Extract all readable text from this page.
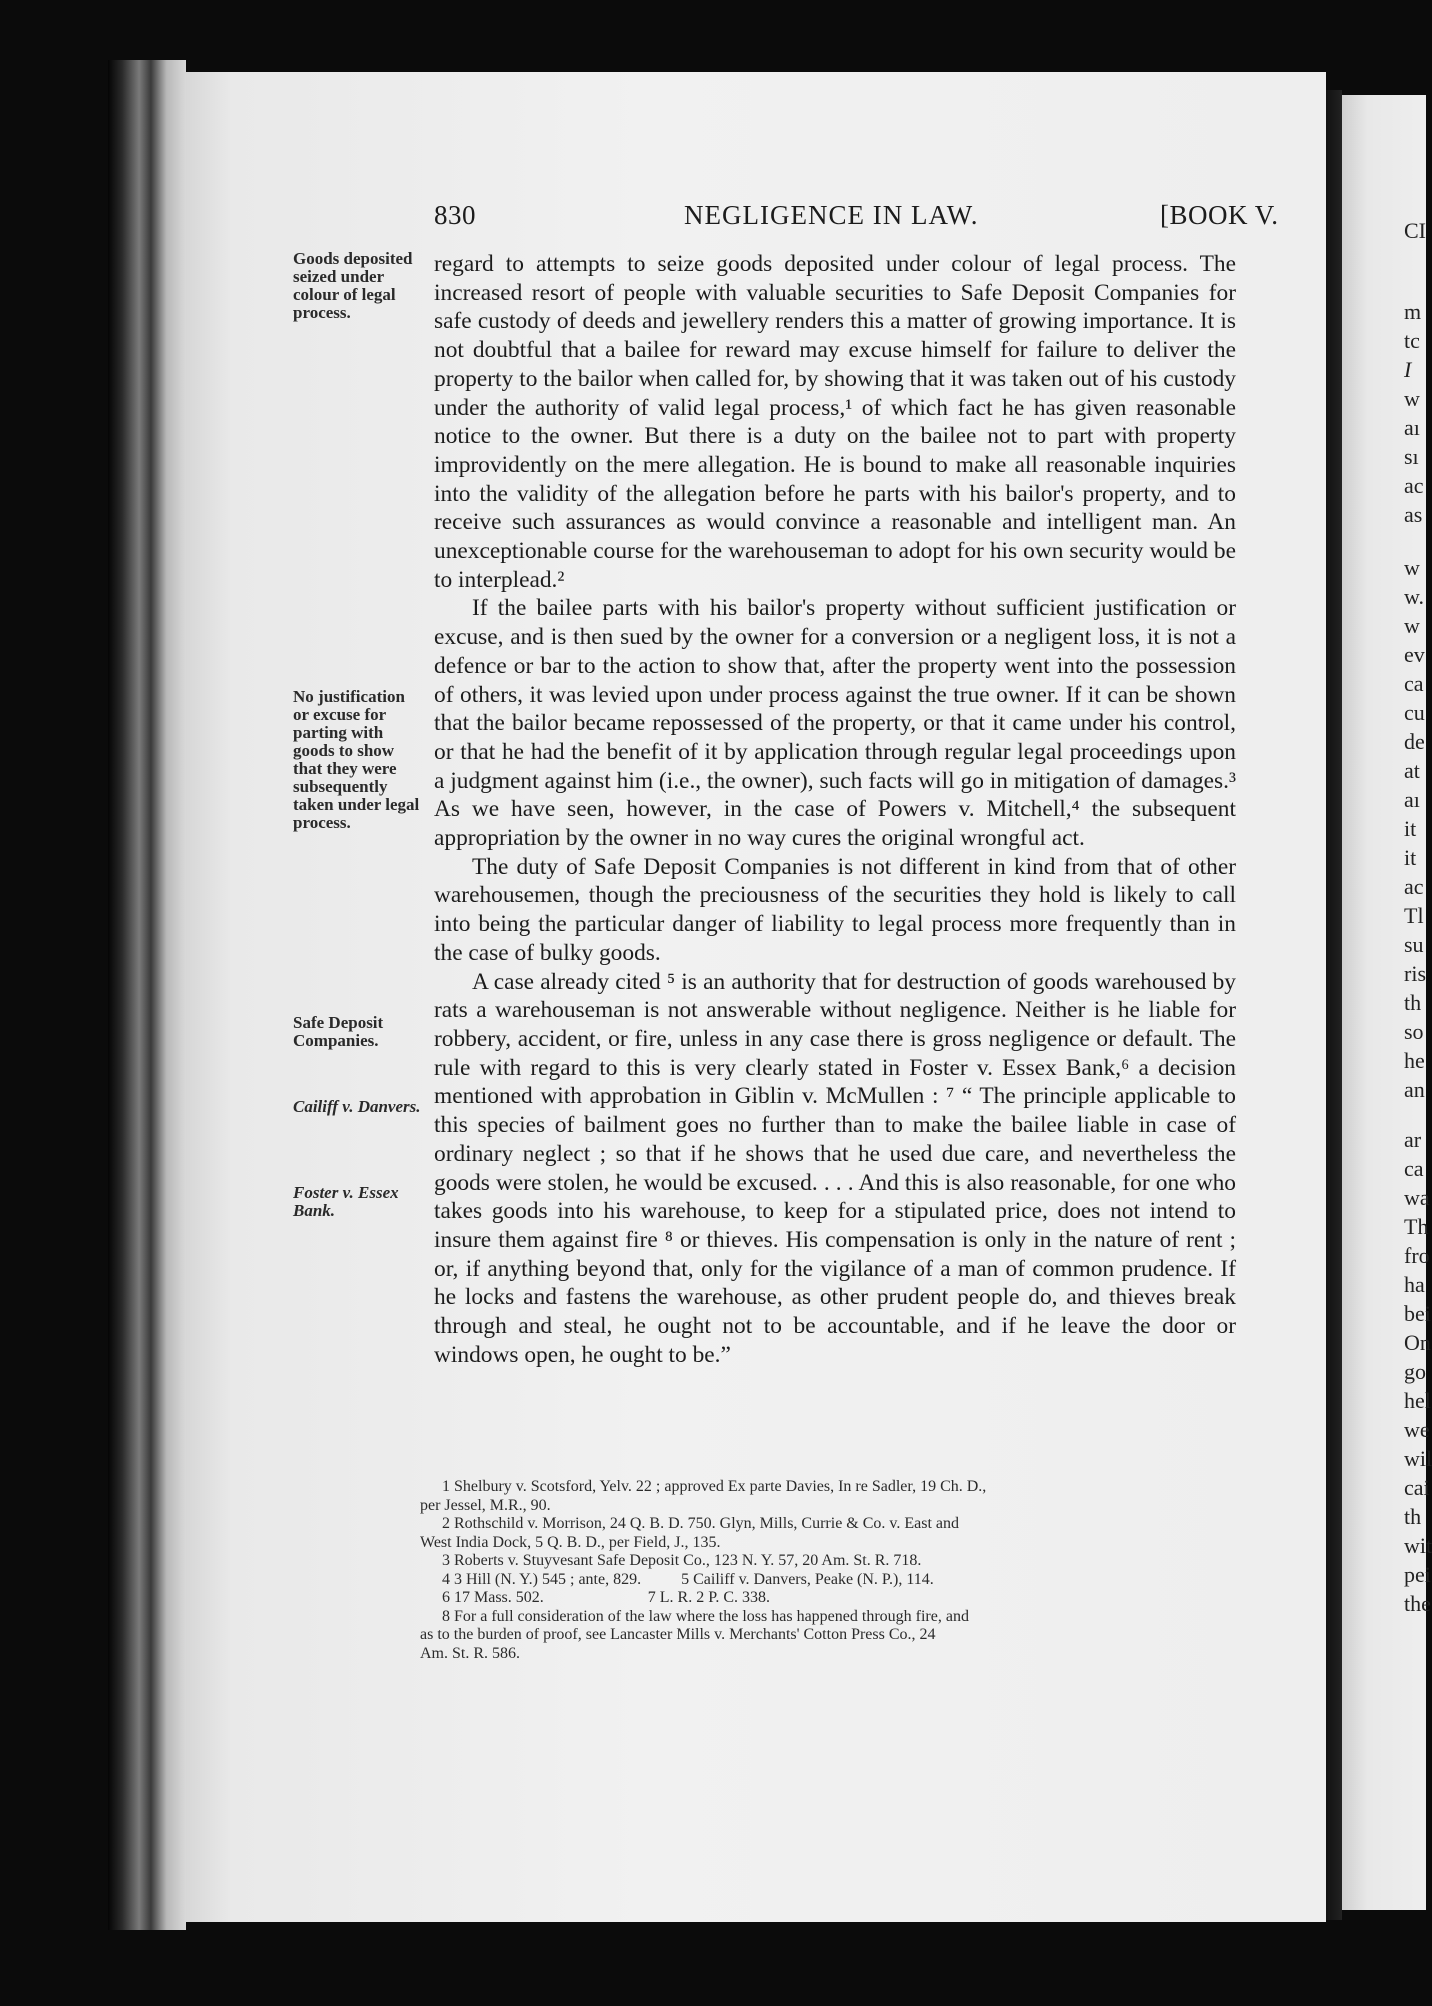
CI
m
tc
I
w
aı
sı
ac
as
w
w.
w
ev
ca
cu
de
at
aı
it
it
ac
Tl
su
ris
th
so
he
an
ar
ca
wa
Th
fro
ha
bei
On
go
hel
we
wil
cai
th
wit
pei
the
830	NEGLIGENCE IN LAW.	[BOOK V.
Goods deposited seized under colour of legal process.
No justification or excuse for parting with goods to show that they were subsequently taken under legal process.
Safe Deposit Companies.
Cailiff v. Danvers.
Foster v. Essex Bank.

regard to attempts to seize goods deposited under colour of legal process. The increased resort of people with valuable securities to Safe Deposit Companies for safe custody of deeds and jewellery renders this a matter of growing importance. It is not doubtful that a bailee for reward may excuse himself for failure to deliver the property to the bailor when called for, by showing that it was taken out of his custody under the authority of valid legal process,¹ of which fact he has given reasonable notice to the owner. But there is a duty on the bailee not to part with property improvidently on the mere allegation. He is bound to make all reasonable inquiries into the validity of the allegation before he parts with his bailor's property, and to receive such assurances as would convince a reasonable and intelligent man. An unexceptionable course for the warehouseman to adopt for his own security would be to interplead.²

If the bailee parts with his bailor's property without sufficient justification or excuse, and is then sued by the owner for a conversion or a negligent loss, it is not a defence or bar to the action to show that, after the property went into the possession of others, it was levied upon under process against the true owner. If it can be shown that the bailor became repossessed of the property, or that it came under his control, or that he had the benefit of it by application through regular legal proceedings upon a judgment against him (i.e., the owner), such facts will go in mitigation of damages.³ As we have seen, however, in the case of Powers v. Mitchell,⁴ the subsequent appropriation by the owner in no way cures the original wrongful act.

The duty of Safe Deposit Companies is not different in kind from that of other warehousemen, though the preciousness of the securities they hold is likely to call into being the particular danger of liability to legal process more frequently than in the case of bulky goods.

A case already cited ⁵ is an authority that for destruction of goods warehoused by rats a warehouseman is not answerable without negligence. Neither is he liable for robbery, accident, or fire, unless in any case there is gross negligence or default. The rule with regard to this is very clearly stated in Foster v. Essex Bank,⁶ a decision mentioned with approbation in Giblin v. McMullen : ⁷ “ The principle applicable to this species of bailment goes no further than to make the bailee liable in case of ordinary neglect ; so that if he shows that he used due care, and nevertheless the goods were stolen, he would be excused. . . . And this is also reasonable, for one who takes goods into his warehouse, to keep for a stipulated price, does not intend to insure them against fire ⁸ or thieves. His compensation is only in the nature of rent ; or, if anything beyond that, only for the vigilance of a man of common prudence. If he locks and fastens the warehouse, as other prudent people do, and thieves break through and steal, he ought not to be accountable, and if he leave the door or windows open, he ought to be.”

1 Shelbury v. Scotsford, Yelv. 22 ; approved Ex parte Davies, In re Sadler, 19 Ch. D.,
per Jessel, M.R., 90.
2 Rothschild v. Morrison, 24 Q. B. D. 750. Glyn, Mills, Currie & Co. v. East and
West India Dock, 5 Q. B. D., per Field, J., 135.
3 Roberts v. Stuyvesant Safe Deposit Co., 123 N. Y. 57, 20 Am. St. R. 718.
4 3 Hill (N. Y.) 545 ; ante, 829.          5 Cailiff v. Danvers, Peake (N. P.), 114.
6 17 Mass. 502.                          7 L. R. 2 P. C. 338.
8 For a full consideration of the law where the loss has happened through fire, and
as to the burden of proof, see Lancaster Mills v. Merchants' Cotton Press Co., 24
Am. St. R. 586.
